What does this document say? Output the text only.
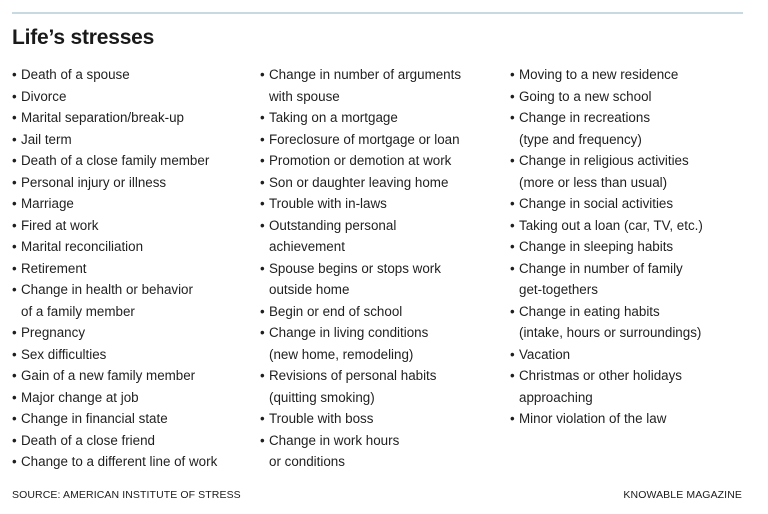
Life’s stresses
• Death of a spouse
• Divorce
• Marital separation/break-up
• Jail term
• Death of a close family member
• Personal injury or illness
• Marriage
• Fired at work
• Marital reconciliation
• Retirement
• Change in health or behavior
of a family member
• Pregnancy
• Sex difficulties
• Gain of a new family member
• Major change at job
• Change in financial state
• Death of a close friend
• Change to a different line of work
• Change in number of arguments
with spouse
• Taking on a mortgage
• Foreclosure of mortgage or loan
• Promotion or demotion at work
• Son or daughter leaving home
• Trouble with in-laws
• Outstanding personal
achievement
• Spouse begins or stops work
outside home
• Begin or end of school
• Change in living conditions
(new home, remodeling)
• Revisions of personal habits
(quitting smoking)
• Trouble with boss
• Change in work hours
or conditions
• Moving to a new residence
• Going to a new school
• Change in recreations
(type and frequency)
• Change in religious activities
(more or less than usual)
• Change in social activities
• Taking out a loan (car, TV, etc.)
• Change in sleeping habits
• Change in number of family
get-togethers
• Change in eating habits
(intake, hours or surroundings)
• Vacation
• Christmas or other holidays
approaching
• Minor violation of the law
SOURCE: AMERICAN INSTITUTE OF STRESS	KNOWABLE MAGAZINE
